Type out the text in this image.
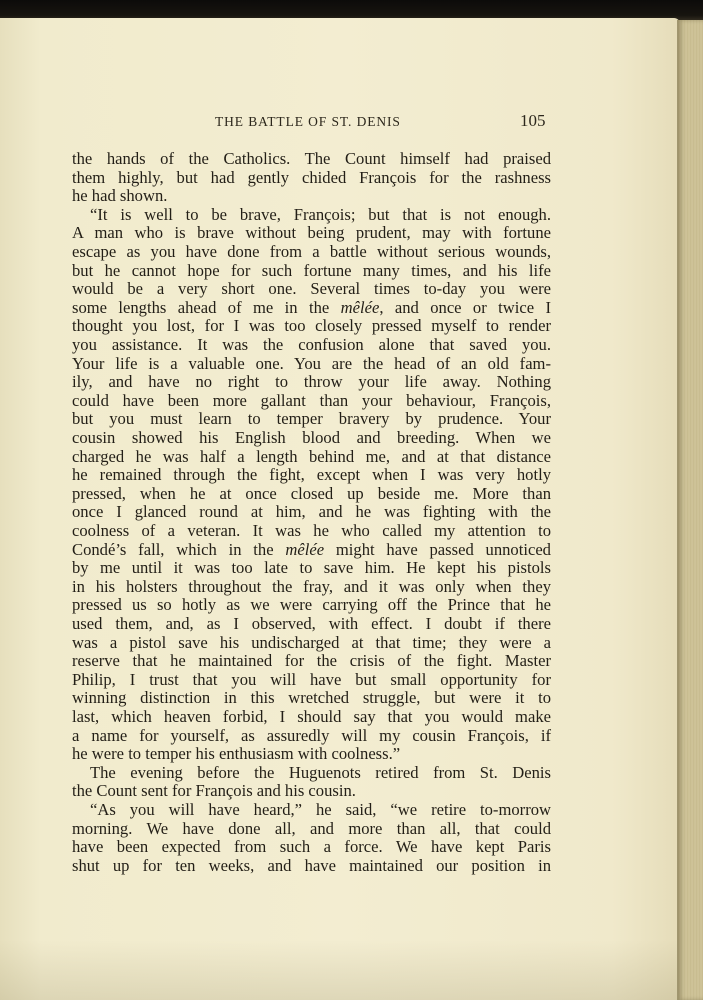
THE BATTLE OF ST. DENIS	105
the hands of the Catholics. The Count himself had praised
them highly, but had gently chided François for the rashness
he had shown.
“It is well to be brave, François; but that is not enough.
A man who is brave without being prudent, may with fortune
escape as you have done from a battle without serious wounds,
but he cannot hope for such fortune many times, and his life
would be a very short one. Several times to-day you were
some lengths ahead of me in the mêlée, and once or twice I
thought you lost, for I was too closely pressed myself to render
you assistance. It was the confusion alone that saved you.
Your life is a valuable one. You are the head of an old fam-
ily, and have no right to throw your life away. Nothing
could have been more gallant than your behaviour, François,
but you must learn to temper bravery by prudence. Your
cousin showed his English blood and breeding. When we
charged he was half a length behind me, and at that distance
he remained through the fight, except when I was very hotly
pressed, when he at once closed up beside me. More than
once I glanced round at him, and he was fighting with the
coolness of a veteran. It was he who called my attention to
Condé’s fall, which in the mêlée might have passed unnoticed
by me until it was too late to save him. He kept his pistols
in his holsters throughout the fray, and it was only when they
pressed us so hotly as we were carrying off the Prince that he
used them, and, as I observed, with effect. I doubt if there
was a pistol save his undischarged at that time; they were a
reserve that he maintained for the crisis of the fight. Master
Philip, I trust that you will have but small opportunity for
winning distinction in this wretched struggle, but were it to
last, which heaven forbid, I should say that you would make
a name for yourself, as assuredly will my cousin François, if
he were to temper his enthusiasm with coolness.”
The evening before the Huguenots retired from St. Denis
the Count sent for François and his cousin.
“As you will have heard,” he said, “we retire to-morrow
morning. We have done all, and more than all, that could
have been expected from such a force. We have kept Paris
shut up for ten weeks, and have maintained our position in
